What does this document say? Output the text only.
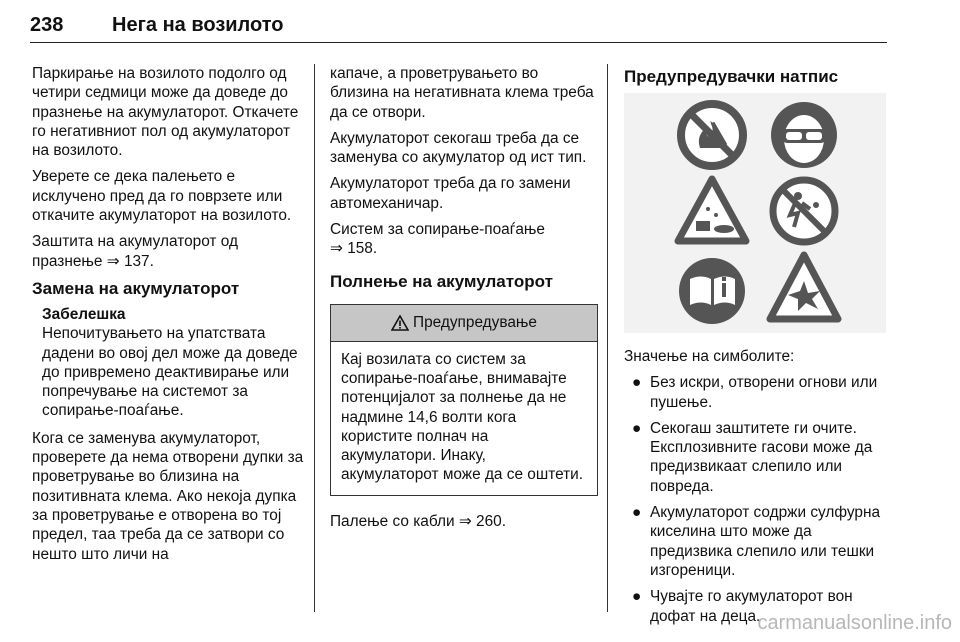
238 Нега на возилото

Паркирање на возилото подолго од четири седмици може да доведе до празнење на акумулаторот. Откачете го негативниот пол од акумулаторот на возилото.

Уверете се дека палењето е исклучено пред да го поврзете или откачите акумулаторот на возилото.

Заштита на акумулаторот од празнење ⇒ 137.

Замена на акумулаторот
Забелешка
Непочитувањето на упатствата дадени во овој дел може да доведе до привремено деактивирање или попречување на системот за сопирање-поаѓање.

Кога се заменува акумулаторот, проверете да нема отворени дупки за проветрување во близина на позитивната клема. Ако некоја дупка за проветрување е отворена во тој предел, таа треба да се затвори со нешто што личи на

капаче, а проветрувањето во близина на негативната клема треба да се отвори.

Акумулаторот секогаш треба да се заменува со акумулатор од ист тип.

Акумулаторот треба да го замени автомеханичар.

Систем за сопирање-поаѓање
⇒ 158.

Полнење на акумулаторот
Предупредување
Кај возилата со систем за сопирање-поаѓање, внимавајте потенцијалот за полнење да не надмине 14,6 волти кога користите полнач на акумулатори. Инаку, акумулаторот може да се оштети.

Палење со кабли ⇒ 260.

Предупредувачки натпис

Значење на симболите:

● Без искри, отворени огнови или пушење.
● Секогаш заштитете ги очите. Експлозивните гасови може да предизвикаат слепило или повреда.
● Акумулаторот содржи сулфурна киселина што може да предизвика слепило или тешки изгореници.
● Чувајте го акумулаторот вон дофат на деца.
carmanualsonline.info
